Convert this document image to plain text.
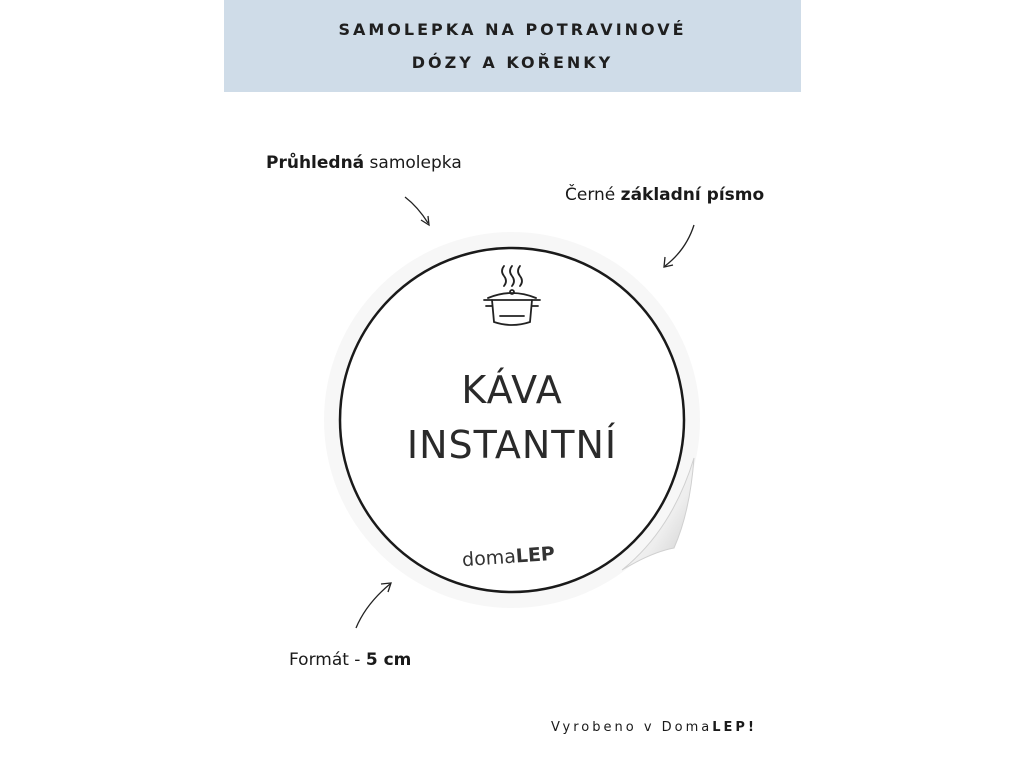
SAMOLEPKA NA POTRAVINOVÉ
DÓZY A KOŘENKY
Průhledná samolepka
Černé základní písmo
Formát - 5 cm
KÁVA
INSTANTNÍ
domaLEP
Vyrobeno v DomaLEP!
